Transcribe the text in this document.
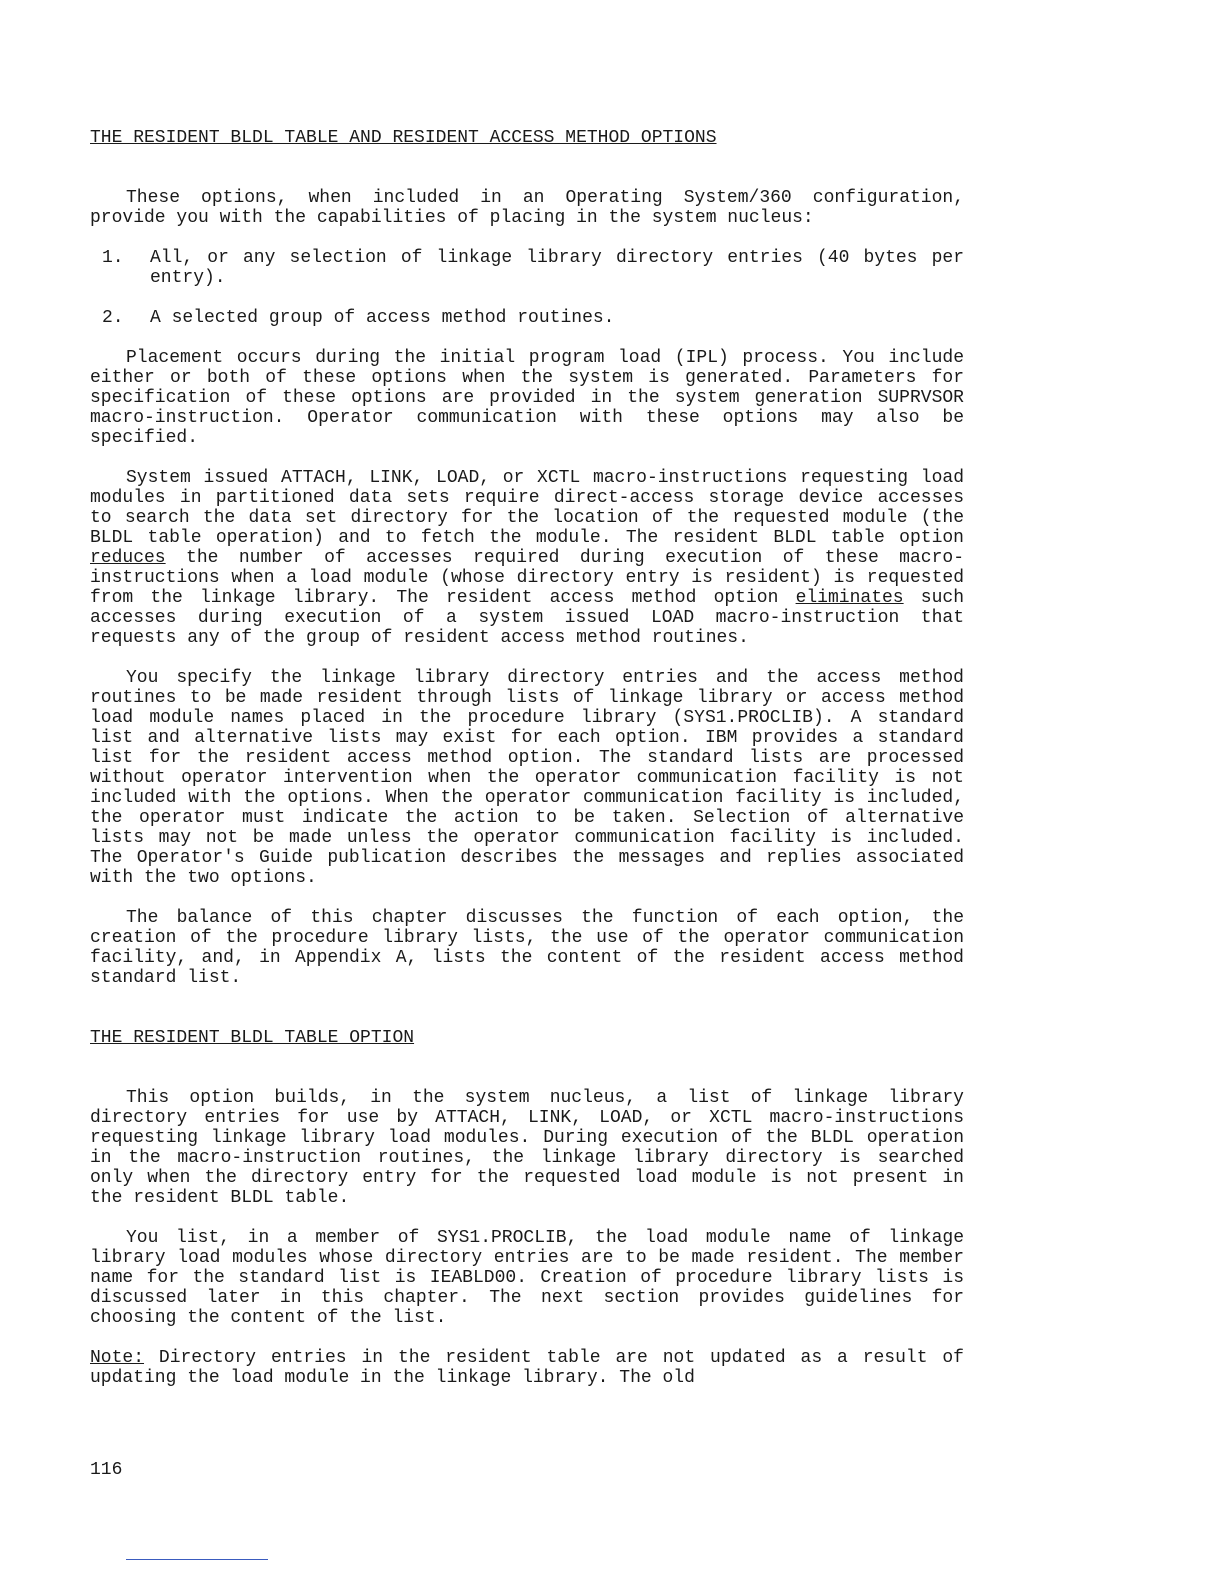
THE RESIDENT BLDL TABLE AND RESIDENT ACCESS METHOD OPTIONS

These options, when included in an Operating System/360 configuration, provide you with the capabilities of placing in the system nucleus:

1.	All, or any selection of linkage library directory entries (40 bytes per entry).
2.	A selected group of access method routines.

Placement occurs during the initial program load (IPL) process. You include either or both of these options when the system is generated. Parameters for specification of these options are provided in the system generation SUPRVSOR macro-instruction. Operator communication with these options may also be specified.

System issued ATTACH, LINK, LOAD, or XCTL macro-instructions requesting load modules in partitioned data sets require direct-access storage device accesses to search the data set directory for the location of the requested module (the BLDL table operation) and to fetch the module. The resident BLDL table option reduces the number of accesses required during execution of these macro-instructions when a load module (whose directory entry is resident) is requested from the linkage library. The resident access method option eliminates such accesses during execution of a system issued LOAD macro-instruction that requests any of the group of resident access method routines.

You specify the linkage library directory entries and the access method routines to be made resident through lists of linkage library or access method load module names placed in the procedure library (SYS1.PROCLIB). A standard list and alternative lists may exist for each option. IBM provides a standard list for the resident access method option. The standard lists are processed without operator intervention when the operator communication facility is not included with the options. When the operator communication facility is included, the operator must indicate the action to be taken. Selection of alternative lists may not be made unless the operator communication facility is included. The Operator's Guide publication describes the messages and replies associated with the two options.

The balance of this chapter discusses the function of each option, the creation of the procedure library lists, the use of the operator communication facility, and, in Appendix A, lists the content of the resident access method standard list.

THE RESIDENT BLDL TABLE OPTION

This option builds, in the system nucleus, a list of linkage library directory entries for use by ATTACH, LINK, LOAD, or XCTL macro-instructions requesting linkage library load modules. During execution of the BLDL operation in the macro-instruction routines, the linkage library directory is searched only when the directory entry for the requested load module is not present in the resident BLDL table.

You list, in a member of SYS1.PROCLIB, the load module name of linkage library load modules whose directory entries are to be made resident. The member name for the standard list is IEABLD00. Creation of procedure library lists is discussed later in this chapter. The next section provides guidelines for choosing the content of the list.

Note: Directory entries in the resident table are not updated as a result of updating the load module in the linkage library. The old

116
